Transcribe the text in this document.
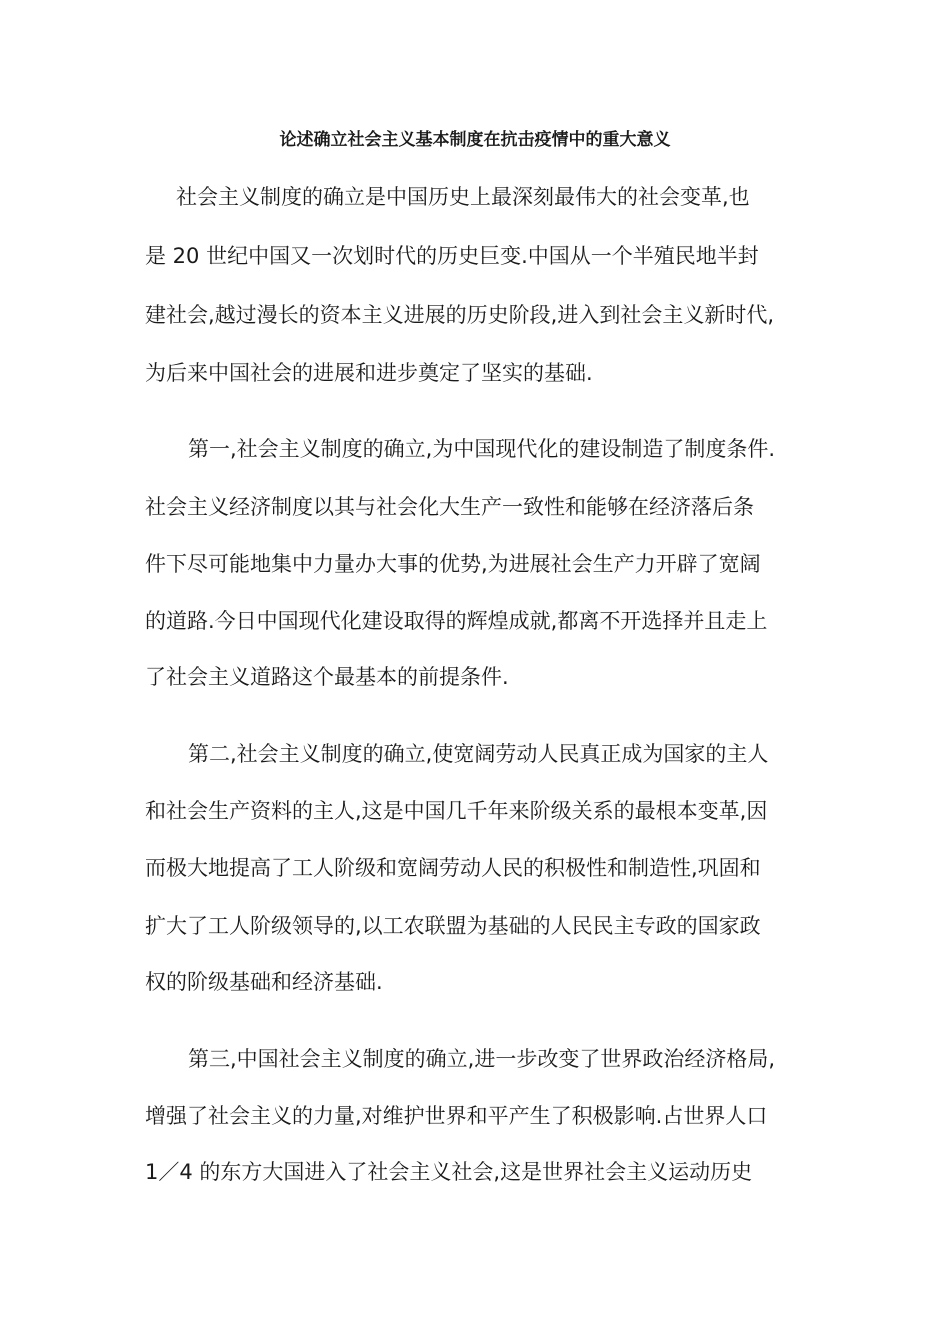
论述确立社会主义基本制度在抗击疫情中的重大意义
社会主义制度的确立是中国历史上最深刻最伟大的社会变革,也
是 20 世纪中国又一次划时代的历史巨变.中国从一个半殖民地半封
建社会,越过漫长的资本主义进展的历史阶段,进入到社会主义新时代,
为后来中国社会的进展和进步奠定了坚实的基础.
第一,社会主义制度的确立,为中国现代化的建设制造了制度条件.
社会主义经济制度以其与社会化大生产一致性和能够在经济落后条
件下尽可能地集中力量办大事的优势,为进展社会生产力开辟了宽阔
的道路.今日中国现代化建设取得的辉煌成就,都离不开选择并且走上
了社会主义道路这个最基本的前提条件.
第二,社会主义制度的确立,使宽阔劳动人民真正成为国家的主人
和社会生产资料的主人,这是中国几千年来阶级关系的最根本变革,因
而极大地提高了工人阶级和宽阔劳动人民的积极性和制造性,巩固和
扩大了工人阶级领导的,以工农联盟为基础的人民民主专政的国家政
权的阶级基础和经济基础.
第三,中国社会主义制度的确立,进一步改变了世界政治经济格局,
增强了社会主义的力量,对维护世界和平产生了积极影响.占世界人口
1／4 的东方大国进入了社会主义社会,这是世界社会主义运动历史
